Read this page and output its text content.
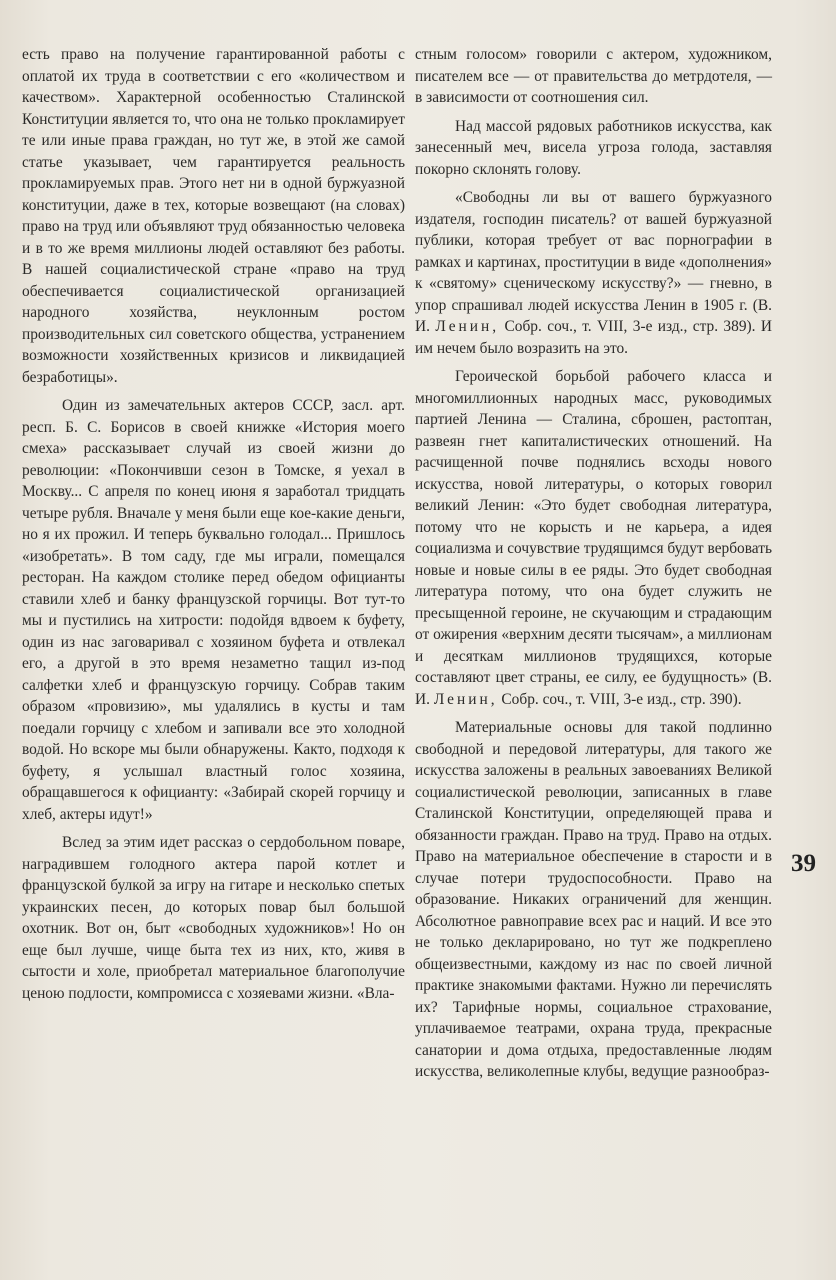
есть право на получение гарантированной работы с оплатой их труда в соответствии с его «количеством и качеством». Характерной особенностью Сталинской Конституции является то, что она не только прокламирует те или иные права граждан, но тут же, в этой же самой статье указывает, чем гарантируется реальность прокламируемых прав. Этого нет ни в одной буржуазной конституции, даже в тех, которые возвещают (на словах) право на труд или объявляют труд обязанностью человека и в то же время миллионы людей оставляют без работы. В нашей социалистической стране «право на труд обеспечивается социалистической организацией народного хозяйства, неуклонным ростом производительных сил советского общества, устранением возможности хозяйственных кризисов и ликвидацией безработицы».

Один из замечательных актеров СССР, засл. арт. респ. Б. С. Борисов в своей книжке «История моего смеха» рассказывает случай из своей жизни до революции: «Покончивши сезон в Томске, я уехал в Москву... С апреля по конец июня я заработал тридцать четыре рубля. Вначале у меня были еще кое-какие деньги, но я их прожил. И теперь буквально голодал... Пришлось «изобретать». В том саду, где мы играли, помещался ресторан. На каждом столике перед обедом официанты ставили хлеб и банку французской горчицы. Вот тут-то мы и пустились на хитрости: подойдя вдвоем к буфету, один из нас заговаривал с хозяином буфета и отвлекал его, а другой в это время незаметно тащил из-под салфетки хлеб и французскую горчицу. Собрав таким образом «провизию», мы удалялись в кусты и там поедали горчицу с хлебом и запивали все это холодной водой. Но вскоре мы были обнаружены. Както, подходя к буфету, я услышал властный голос хозяина, обращавшегося к официанту: «Забирай скорей горчицу и хлеб, актеры идут!»

Вслед за этим идет рассказ о сердобольном поваре, наградившем голодного актера парой котлет и французской булкой за игру на гитаре и несколько спетых украинских песен, до которых повар был большой охотник. Вот он, быт «свободных художников»! Но он еще был лучше, чище быта тех из них, кто, живя в сытости и холе, приобретал материальное благополучие ценою подлости, компромисса с хозяевами жизни. «Вла-

стным голосом» говорили с актером, художником, писателем все — от правительства до метрдотеля, — в зависимости от соотношения сил.

Над массой рядовых работников искусства, как занесенный меч, висела угроза голода, заставляя покорно склонять голову.

«Свободны ли вы от вашего буржуазного издателя, господин писатель? от вашей буржуазной публики, которая требует от вас порнографии в рамках и картинах, проституции в виде «дополнения» к «святому» сценическому искусству?» — гневно, в упор спрашивал людей искусства Ленин в 1905 г. (В. И. Ленин, Собр. соч., т. VIII, 3-е изд., стр. 389). И им нечем было возразить на это.

Героической борьбой рабочего класса и многомиллионных народных масс, руководимых партией Ленина — Сталина, сброшен, растоптан, развеян гнет капиталистических отношений. На расчищенной почве поднялись всходы нового искусства, новой литературы, о которых говорил великий Ленин: «Это будет свободная литература, потому что не корысть и не карьера, а идея социализма и сочувствие трудящимся будут вербовать новые и новые силы в ее ряды. Это будет свободная литература потому, что она будет служить не пресыщенной героине, не скучающим и страдающим от ожирения «верхним десяти тысячам», а миллионам и десяткам миллионов трудящихся, которые составляют цвет страны, ее силу, ее будущность» (В. И. Ленин, Собр. соч., т. VIII, 3-е изд., стр. 390).

Материальные основы для такой подлинно свободной и передовой литературы, для такого же искусства заложены в реальных завоеваниях Великой социалистической революции, записанных в главе Сталинской Конституции, определяющей права и обязанности граждан. Право на труд. Право на отдых. Право на материальное обеспечение в старости и в случае потери трудоспособности. Право на образование. Никаких ограничений для женщин. Абсолютное равноправие всех рас и наций. И все это не только декларировано, но тут же подкреплено общеизвестными, каждому из нас по своей личной практике знакомыми фактами. Нужно ли перечислять их? Тарифные нормы, социальное страхование, уплачиваемое театрами, охрана труда, прекрасные санатории и дома отдыха, предоставленные людям искусства, великолепные клубы, ведущие разнообраз-

39
